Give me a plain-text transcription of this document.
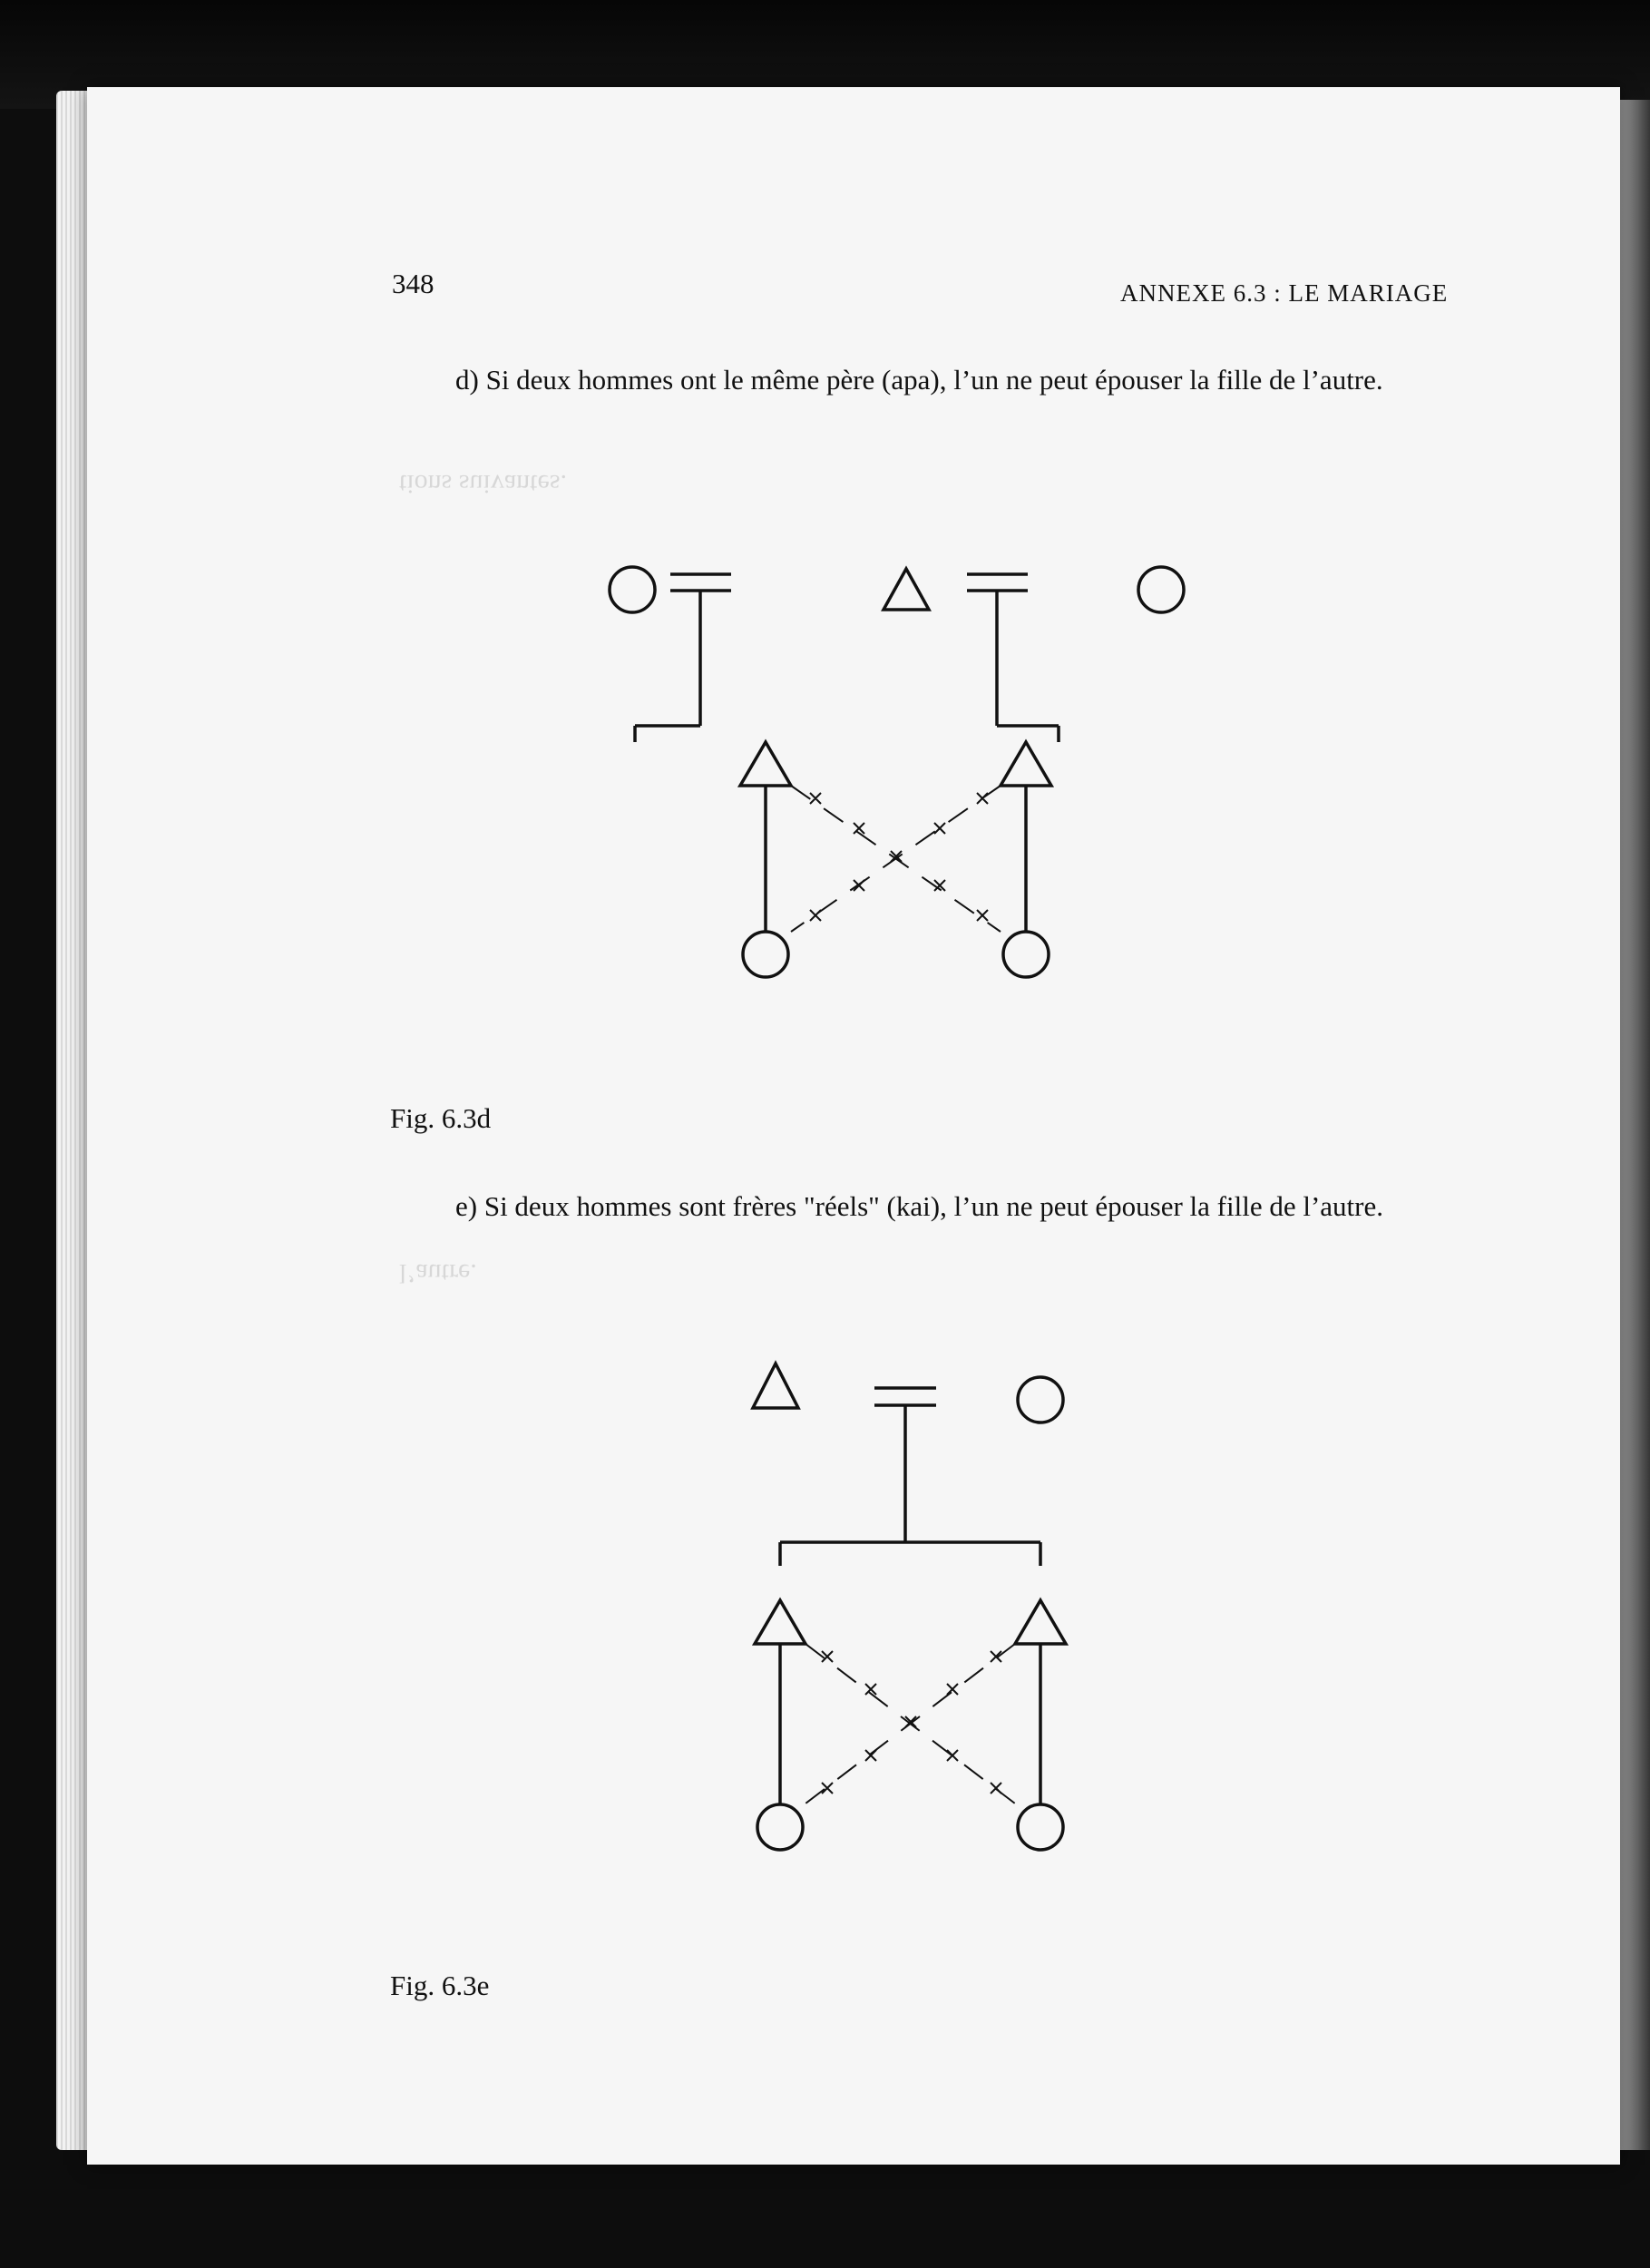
tions suivantes.
l’autre.
348	ANNEXE 6.3 : LE MARIAGE

d) Si deux hommes ont le même père (apa), l’un ne peut épouser la fille de l’autre.

Fig. 6.3d

e) Si deux hommes sont frères "réels" (kai), l’un ne peut épouser la fille de l’autre.

Fig. 6.3e
